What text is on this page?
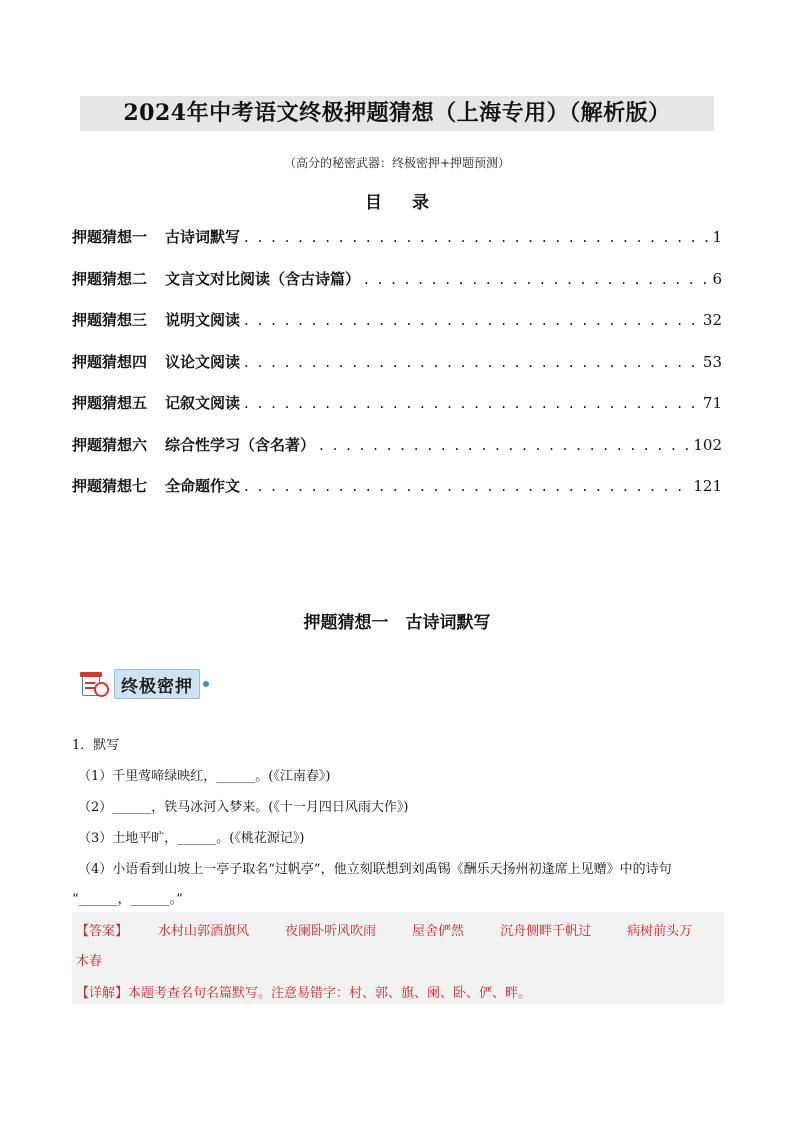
2024年中考语文终极押题猜想（上海专用）（解析版）
（高分的秘密武器：终极密押+押题预测）
目 录
押题猜想一 古诗词默写 . . .	1
押题猜想二 文言文对比阅读（含古诗篇） . . .	6
押题猜想三 说明文阅读 . . .	32
押题猜想四 议论文阅读 . . .	53
押题猜想五 记叙文阅读 . . .	71
押题猜想六 综合性学习（含名著） . . .	102
押题猜想七 全命题作文 . . .	121
押题猜想一　古诗词默写
终极密押
1．默写
（1）千里莺啼绿映红，______。(《江南春》)
（2）______，铁马冰河入梦来。(《十一月四日风雨大作》)
（3）土地平旷，______。(《桃花源记》)
（4）小语看到山坡上一亭子取名“过帆亭”，他立刻联想到刘禹锡《酬乐天扬州初逢席上见赠》中的诗句
“______，______。”
【答案】 水村山郭酒旗风	夜阑卧听风吹雨	屋舍俨然	沉舟侧畔千帆过	病树前头万
木春
【详解】本题考查名句名篇默写。注意易错字：村、郭、旗、阑、卧、俨、畔。
